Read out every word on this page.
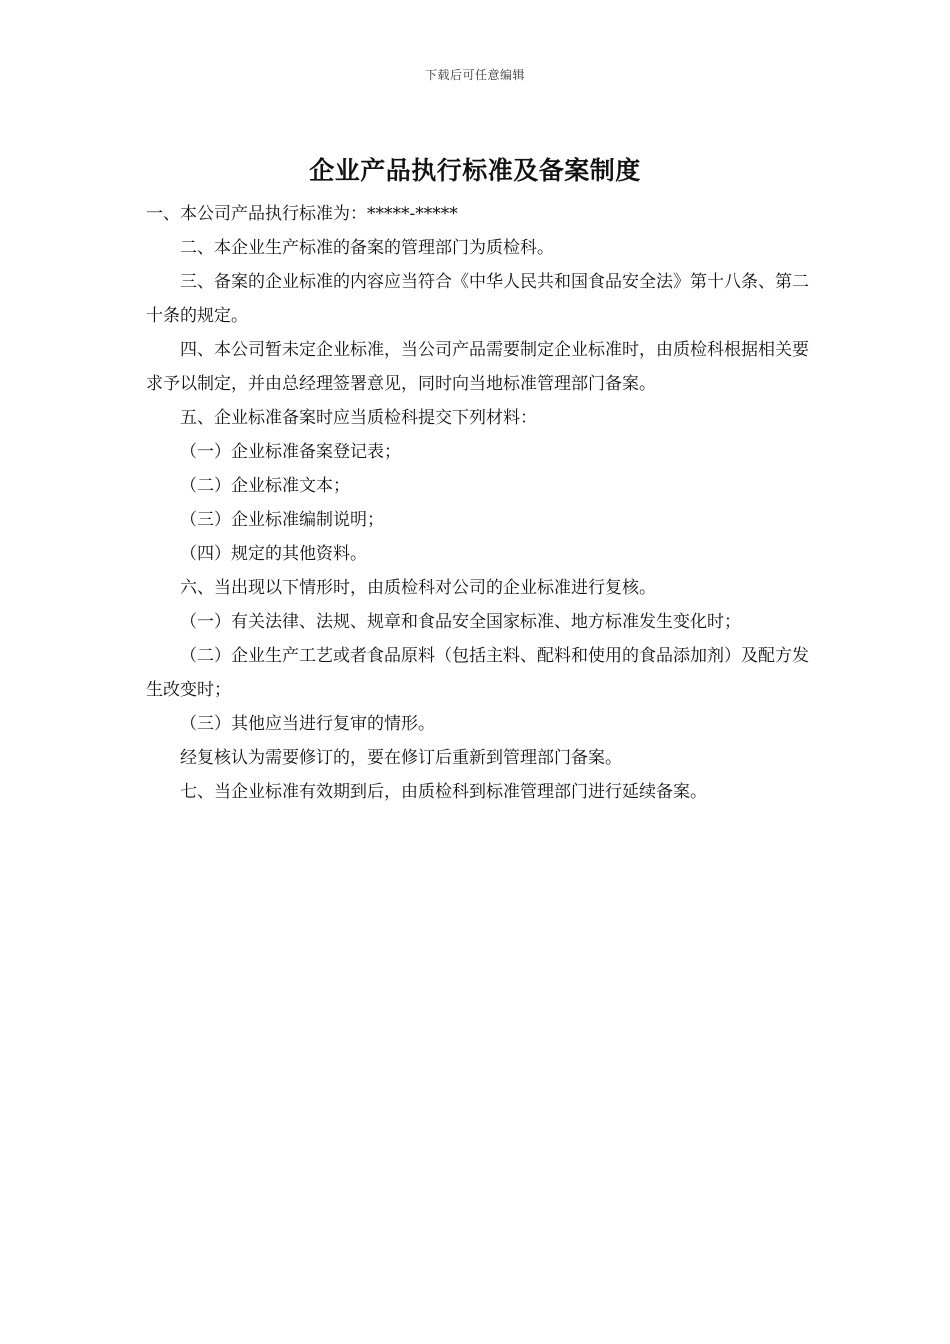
下载后可任意编辑
企业产品执行标准及备案制度

一、本公司产品执行标准为：*****-*****

二、本企业生产标准的备案的管理部门为质检科。

三、备案的企业标准的内容应当符合《中华人民共和国食品安全法》第十八条、第二十条的规定。

四、本公司暂未定企业标准，当公司产品需要制定企业标准时，由质检科根据相关要求予以制定，并由总经理签署意见，同时向当地标准管理部门备案。

五、企业标准备案时应当质检科提交下列材料：

（一）企业标准备案登记表；

（二）企业标准文本；

（三）企业标准编制说明；

（四）规定的其他资料。

六、当出现以下情形时，由质检科对公司的企业标准进行复核。

（一）有关法律、法规、规章和食品安全国家标准、地方标准发生变化时；

（二）企业生产工艺或者食品原料（包括主料、配料和使用的食品添加剂）及配方发生改变时；

（三）其他应当进行复审的情形。

经复核认为需要修订的，要在修订后重新到管理部门备案。

七、当企业标准有效期到后，由质检科到标准管理部门进行延续备案。
